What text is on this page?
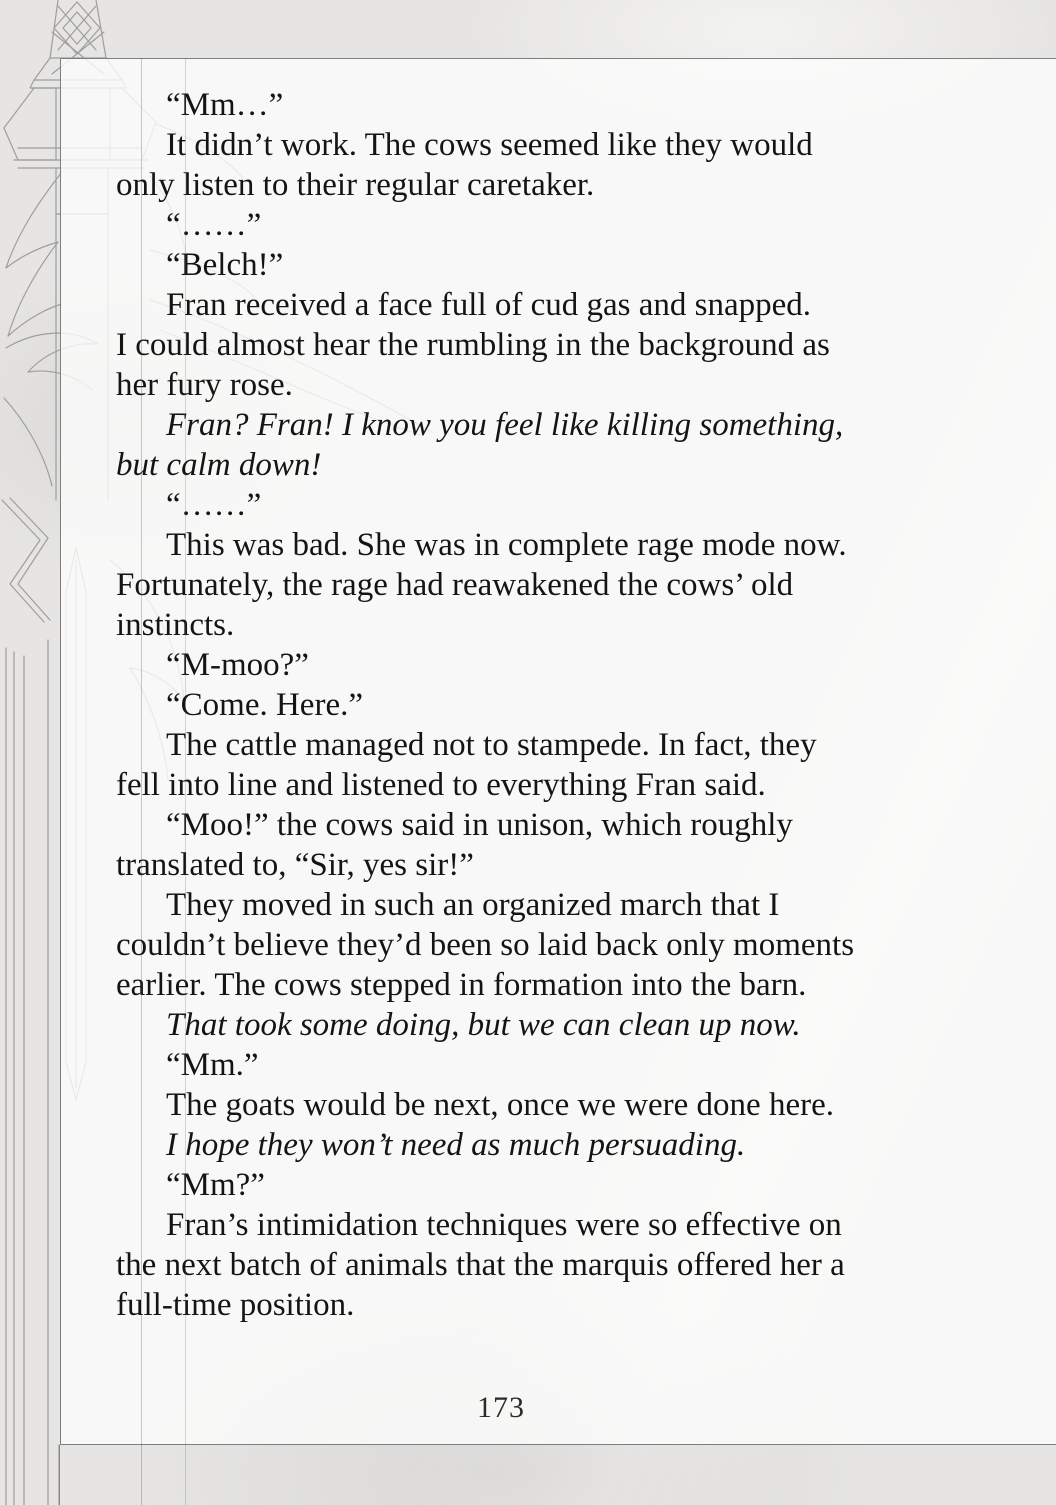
“Mm…”
It didn’t work. The cows seemed like they would
only listen to their regular caretaker.
“……”
“Belch!”
Fran received a face full of cud gas and snapped.
I could almost hear the rumbling in the background as
her fury rose.
Fran? Fran! I know you feel like killing something,
but calm down!
“……”
This was bad. She was in complete rage mode now.
Fortunately, the rage had reawakened the cows’ old
instincts.
“M-moo?”
“Come. Here.”
The cattle managed not to stampede. In fact, they
fell into line and listened to everything Fran said.
“Moo!” the cows said in unison, which roughly
translated to, “Sir, yes sir!”
They moved in such an organized march that I
couldn’t believe they’d been so laid back only moments
earlier. The cows stepped in formation into the barn.
That took some doing, but we can clean up now.
“Mm.”
The goats would be next, once we were done here.
I hope they won’t need as much persuading.
“Mm?”
Fran’s intimidation techniques were so effective on
the next batch of animals that the marquis offered her a
full-time position.
173
